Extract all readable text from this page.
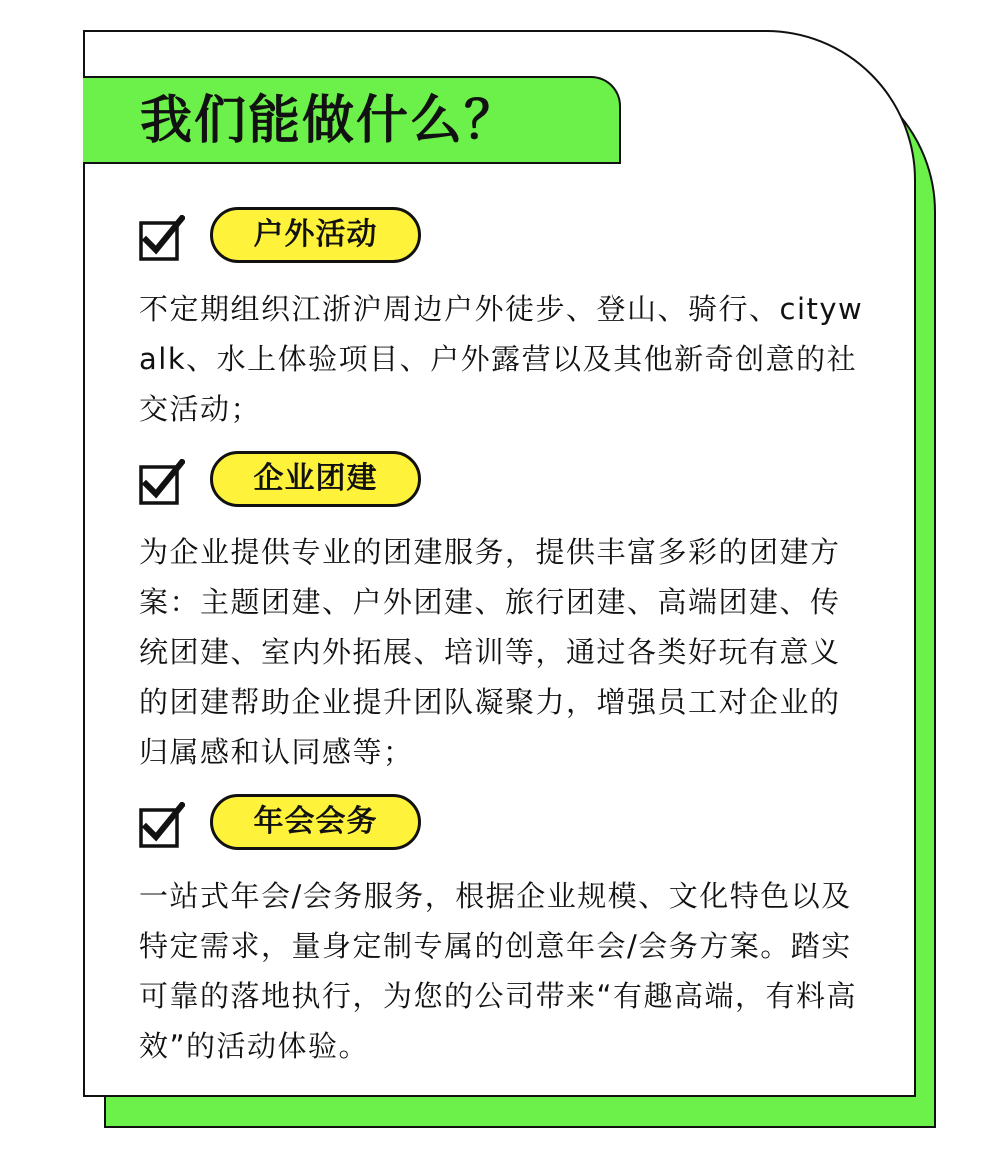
我们能做什么？
户外活动

不定期组织江浙沪周边户外徒步、登山、骑行、citywalk、水上体验项目、户外露营以及其他新奇创意的社交活动；

企业团建

为企业提供专业的团建服务，提供丰富多彩的团建方案：主题团建、户外团建、旅行团建、高端团建、传统团建、室内外拓展、培训等，通过各类好玩有意义的团建帮助企业提升团队凝聚力，增强员工对企业的归属感和认同感等；

年会会务

一站式年会/会务服务，根据企业规模、文化特色以及特定需求，量身定制专属的创意年会/会务方案。踏实可靠的落地执行，为您的公司带来“有趣高端，有料高效”的活动体验。
